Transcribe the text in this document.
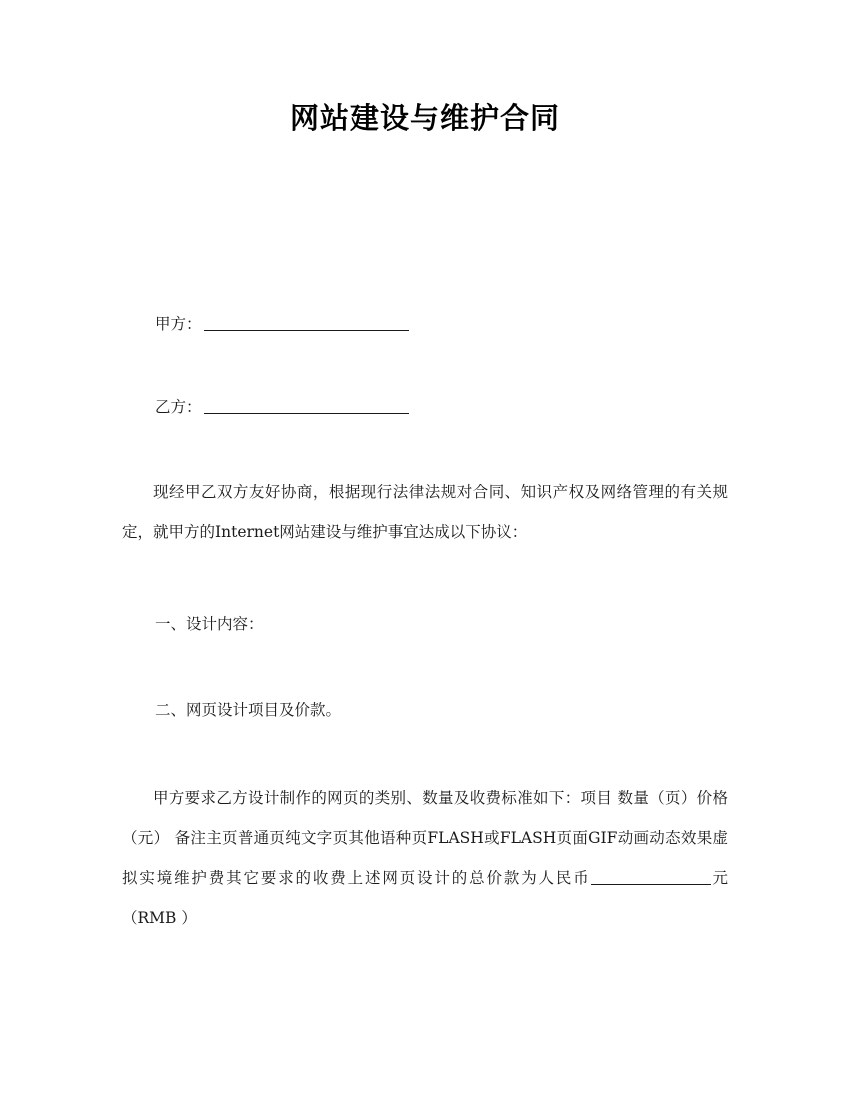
网站建设与维护合同
甲方：
乙方：
现经甲乙双方友好协商，根据现行法律法规对合同、知识产权及网络管理的有关规定，就甲方的Internet网站建设与维护事宜达成以下协议：
一、设计内容：
二、网页设计项目及价款。
甲方要求乙方设计制作的网页的类别、数量及收费标准如下：项目 数量（页）价格（元） 备注主页普通页纯文字页其他语种页FLASH或FLASH页面GIF动画动态效果虚拟实境维护费其它要求的收费上述网页设计的总价款为人民币	元（RMB ）
